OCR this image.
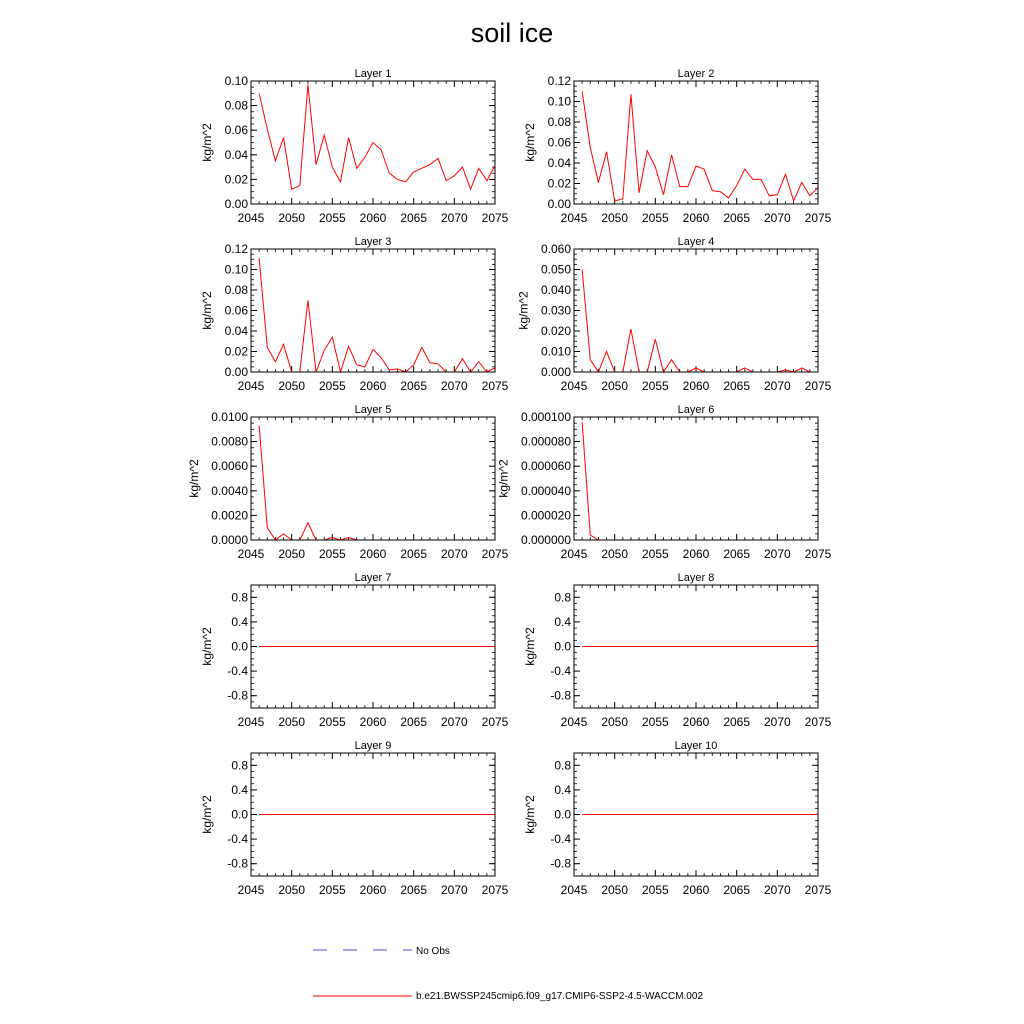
soil ice
Layer 1
2045 2050 2055 2060 2065 2070 2075
0.00
0.02
0.04
0.06
0.08
0.10
kg/m^2
Layer 2
2045 2050 2055 2060 2065 2070 2075
0.00
0.02
0.04
0.06
0.08
0.10
0.12
kg/m^2
Layer 3
2045 2050 2055 2060 2065 2070 2075
0.00
0.02
0.04
0.06
0.08
0.10
0.12
kg/m^2
Layer 4
2045 2050 2055 2060 2065 2070 2075
0.000
0.010
0.020
0.030
0.040
0.050
0.060
kg/m^2
Layer 5
2045 2050 2055 2060 2065 2070 2075
0.0000
0.0020
0.0040
0.0060
0.0080
0.0100
kg/m^2
Layer 6
2045 2050 2055 2060 2065 2070 2075
0.000000
0.000020
0.000040
0.000060
0.000080
0.000100
kg/m^2
Layer 7
2045 2050 2055 2060 2065 2070 2075
-0.8
-0.4
0.0
0.4
0.8
kg/m^2
Layer 8
2045 2050 2055 2060 2065 2070 2075
-0.8
-0.4
0.0
0.4
0.8
kg/m^2
Layer 9
2045 2050 2055 2060 2065 2070 2075
-0.8
-0.4
0.0
0.4
0.8
kg/m^2
Layer 10
2045 2050 2055 2060 2065 2070 2075
-0.8
-0.4
0.0
0.4
0.8
kg/m^2
No Obs
b.e21.BWSSP245cmip6.f09_g17.CMIP6-SSP2-4.5-WACCM.002
